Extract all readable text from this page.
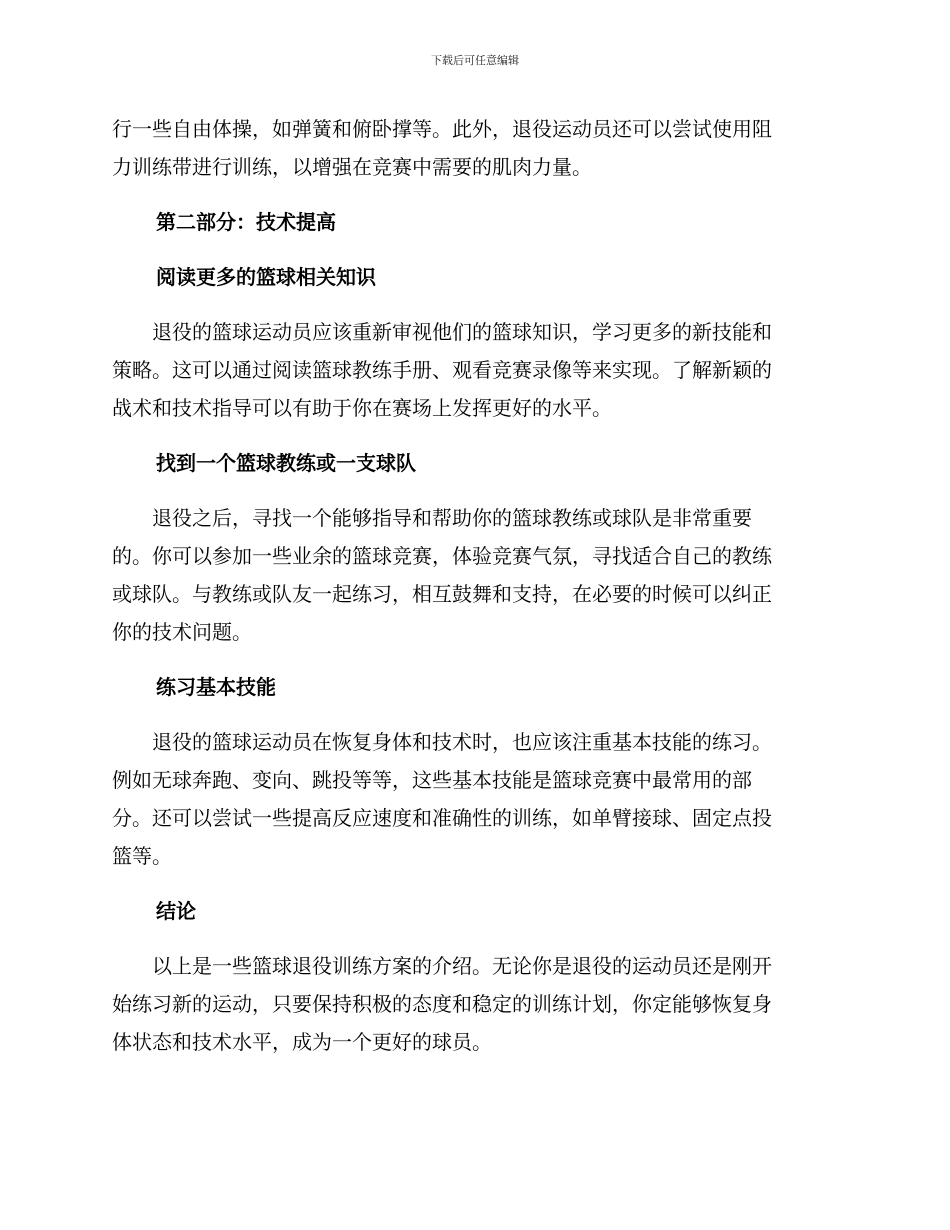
下载后可任意编辑

行一些自由体操，如弹簧和俯卧撑等。此外，退役运动员还可以尝试使用阻
力训练带进行训练，以增强在竞赛中需要的肌肉力量。

第二部分：技术提高
阅读更多的篮球相关知识

退役的篮球运动员应该重新审视他们的篮球知识，学习更多的新技能和
策略。这可以通过阅读篮球教练手册、观看竞赛录像等来实现。了解新颖的
战术和技术指导可以有助于你在赛场上发挥更好的水平。

找到一个篮球教练或一支球队

退役之后，寻找一个能够指导和帮助你的篮球教练或球队是非常重要
的。你可以参加一些业余的篮球竞赛，体验竞赛气氛，寻找适合自己的教练
或球队。与教练或队友一起练习，相互鼓舞和支持，在必要的时候可以纠正
你的技术问题。

练习基本技能

退役的篮球运动员在恢复身体和技术时，也应该注重基本技能的练习。
例如无球奔跑、变向、跳投等等，这些基本技能是篮球竞赛中最常用的部
分。还可以尝试一些提高反应速度和准确性的训练，如单臂接球、固定点投
篮等。

结论

以上是一些篮球退役训练方案的介绍。无论你是退役的运动员还是刚开
始练习新的运动，只要保持积极的态度和稳定的训练计划，你定能够恢复身
体状态和技术水平，成为一个更好的球员。
